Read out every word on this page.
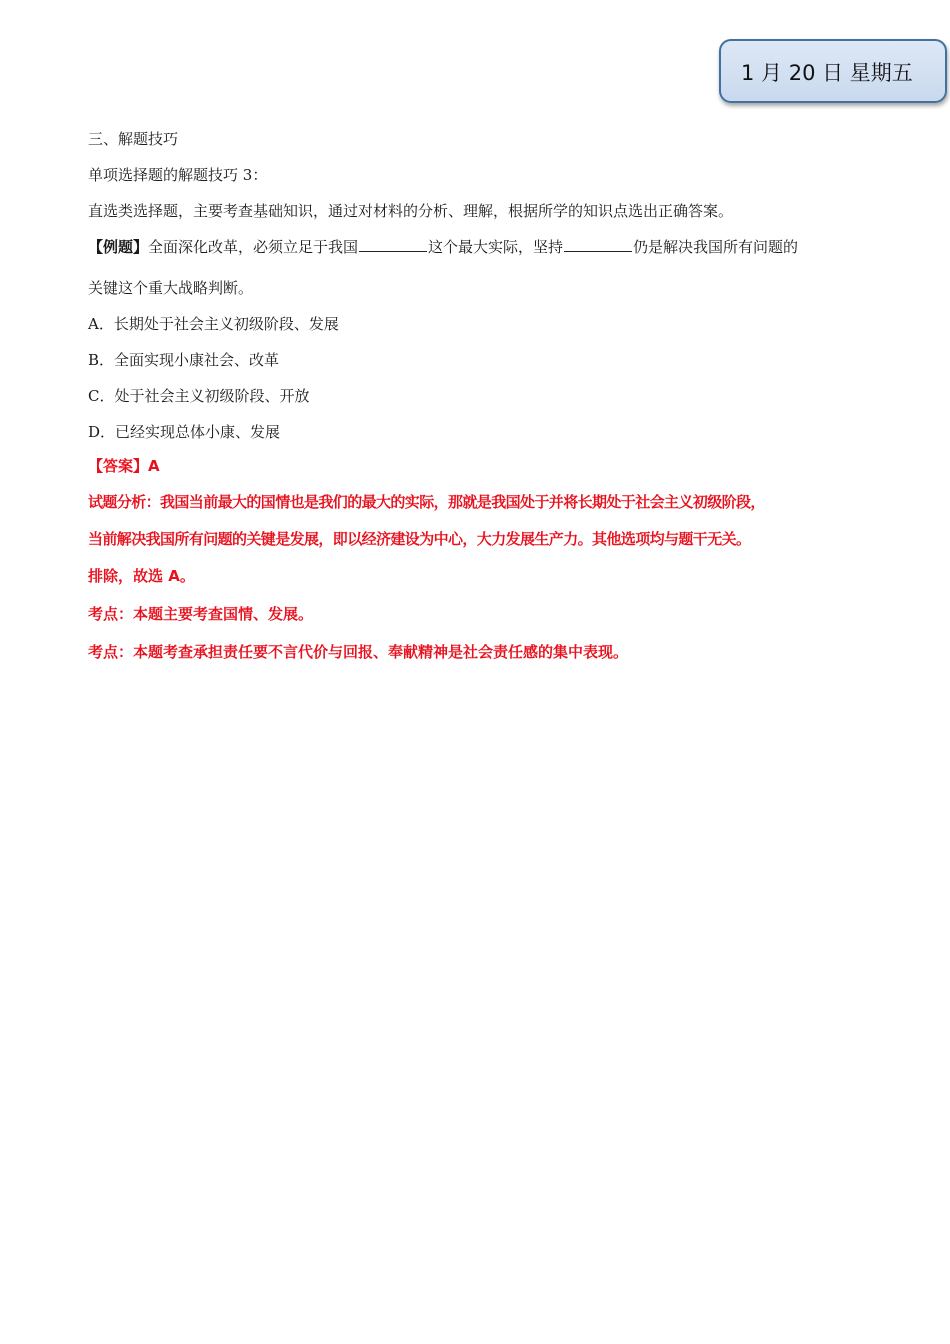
1 月 20 日 星期五
三、解题技巧
单项选择题的解题技巧 3：
直选类选择题，主要考查基础知识，通过对材料的分析、理解，根据所学的知识点选出正确答案。
【例题】全面深化改革，必须立足于我国	这个最大实际，坚持	仍是解决我国所有问题的
关键这个重大战略判断。
A．长期处于社会主义初级阶段、发展
B．全面实现小康社会、改革
C．处于社会主义初级阶段、开放
D．已经实现总体小康、发展
【答案】A
试题分析：我国当前最大的国情也是我们的最大的实际，那就是我国处于并将长期处于社会主义初级阶段，
当前解决我国所有问题的关键是发展，即以经济建设为中心，大力发展生产力。其他选项均与题干无关。
排除，故选 A。
考点：本题主要考查国情、发展。
考点：本题考查承担责任要不言代价与回报、奉献精神是社会责任感的集中表现。
